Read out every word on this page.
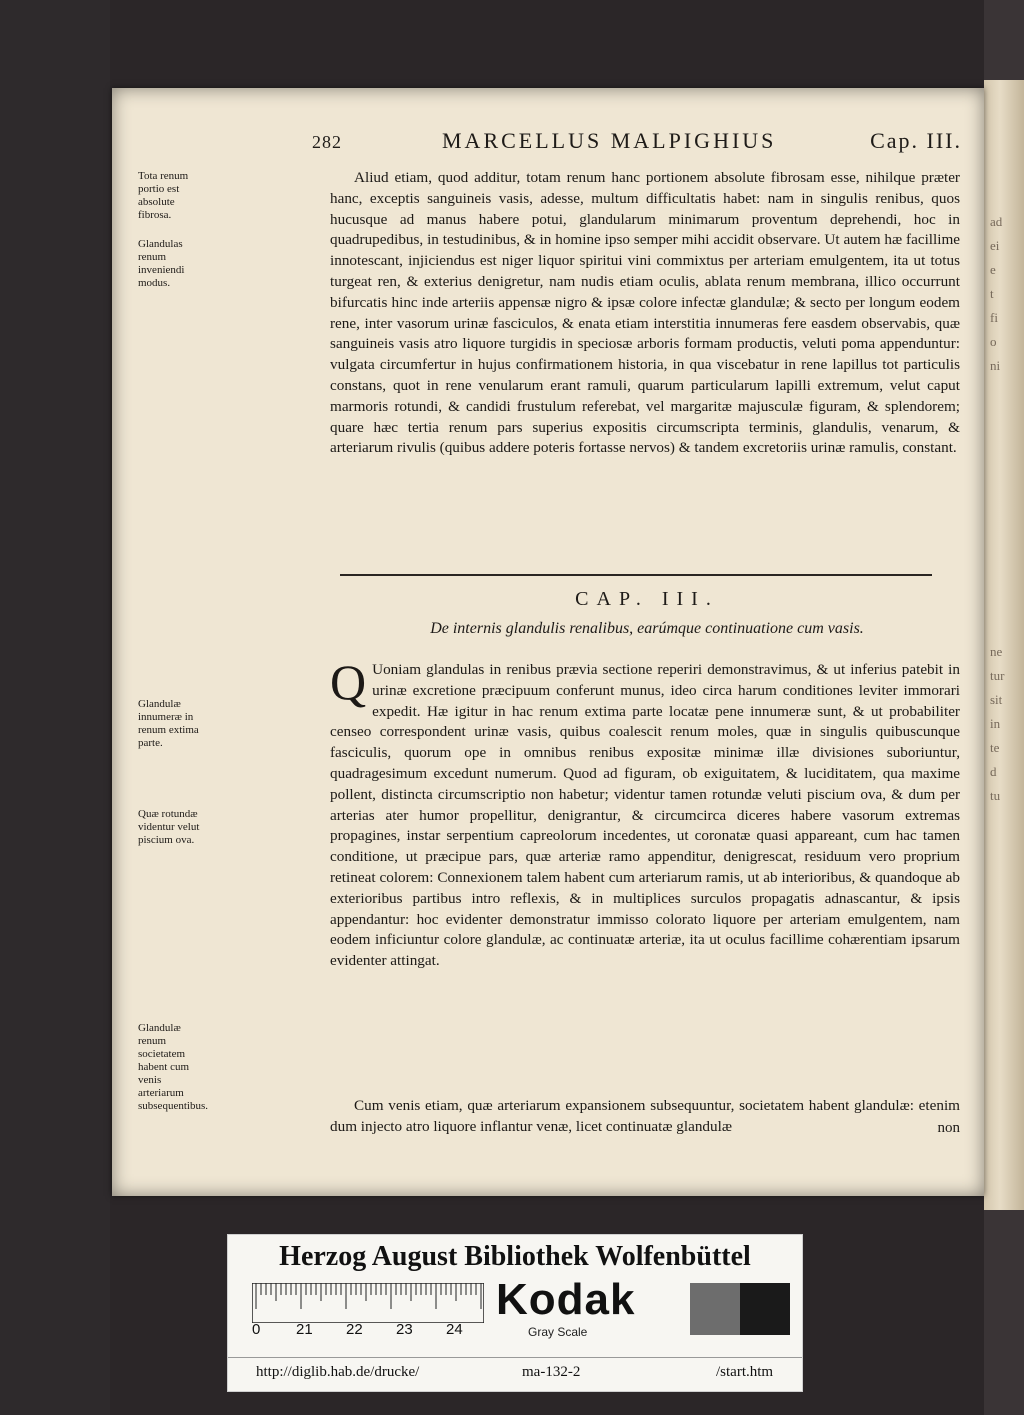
ad
ei
e
t
fi
o
ni
ne
tur
sit
in
te
d
tu
282	MARCELLUS MALPIGHIUS	Cap. III.
Tota renum portio est absolute fibrosa.
Glandulas renum inveniendi modus.
Glandulæ innumeræ in renum extima parte.
Quæ rotundæ videntur velut piscium ova.
Glandulæ renum societatem habent cum venis arteriarum subsequentibus.
Aliud etiam, quod additur, totam renum hanc portionem absolute fibrosam esse, nihilque præter hanc, exceptis sanguineis vasis, adesse, multum difficultatis habet: nam in singulis renibus, quos hucusque ad manus habere potui, glandularum minimarum proventum deprehendi, hoc in quadrupedibus, in testudinibus, & in homine ipso semper mihi accidit observare. Ut autem hæ facillime innotescant, injiciendus est niger liquor spiritui vini commixtus per arteriam emulgentem, ita ut totus turgeat ren, & exterius denigretur, nam nudis etiam oculis, ablata renum membrana, illico occurrunt bifurcatis hinc inde arteriis appensæ nigro & ipsæ colore infectæ glandulæ; & secto per longum eodem rene, inter vasorum urinæ fasciculos, & enata etiam interstitia innumeras fere easdem observabis, quæ sanguineis vasis atro liquore turgidis in speciosæ arboris formam productis, veluti poma appenduntur: vulgata circumfertur in hujus confirmationem historia, in qua viscebatur in rene lapillus tot particulis constans, quot in rene venularum erant ramuli, quarum particularum lapilli extremum, velut caput marmoris rotundi, & candidi frustulum referebat, vel margaritæ majusculæ figuram, & splendorem; quare hæc tertia renum pars superius expositis circumscripta terminis, glandulis, venarum, & arteriarum rivulis (quibus addere poteris fortasse nervos) & tandem excretoriis urinæ ramulis, constant.
CAP. III.
De internis glandulis renalibus, earúmque continuatione cum vasis.
Q Uoniam glandulas in renibus prævia sectione reperiri demonstravimus, & ut inferius patebit in urinæ excretione præcipuum conferunt munus, ideo circa harum conditiones leviter immorari expedit. Hæ igitur in hac renum extima parte locatæ pene innumeræ sunt, & ut probabiliter censeo correspondent urinæ vasis, quibus coalescit renum moles, quæ in singulis quibuscunque fasciculis, quorum ope in omnibus renibus expositæ minimæ illæ divisiones suboriuntur, quadragesimum excedunt numerum. Quod ad figuram, ob exiguitatem, & luciditatem, qua maxime pollent, distincta circumscriptio non habetur; videntur tamen rotundæ veluti piscium ova, & dum per arterias ater humor propellitur, denigrantur, & circumcirca diceres habere vasorum extremas propagines, instar serpentium capreolorum incedentes, ut coronatæ quasi appareant, cum hac tamen conditione, ut præcipue pars, quæ arteriæ ramo appenditur, denigrescat, residuum vero proprium retineat colorem: Connexionem talem habent cum arteriarum ramis, ut ab interioribus, & quandoque ab exterioribus partibus intro reflexis, & in multiplices surculos propagatis adnascantur, & ipsis appendantur: hoc evidenter demonstratur immisso colorato liquore per arteriam emulgentem, nam eodem inficiuntur colore glandulæ, ac continuatæ arteriæ, ita ut oculus facillime cohærentiam ipsarum evidenter attingat.
Cum venis etiam, quæ arteriarum expansionem subsequuntur, societatem habent glandulæ: etenim dum injecto atro liquore inflantur venæ, licet continuatæ glandulæ	non
Herzog August Bibliothek Wolfenbüttel
0 21 22 23 24
Kodak
Gray Scale
http://diglib.hab.de/drucke/	ma-132-2	/start.htm
